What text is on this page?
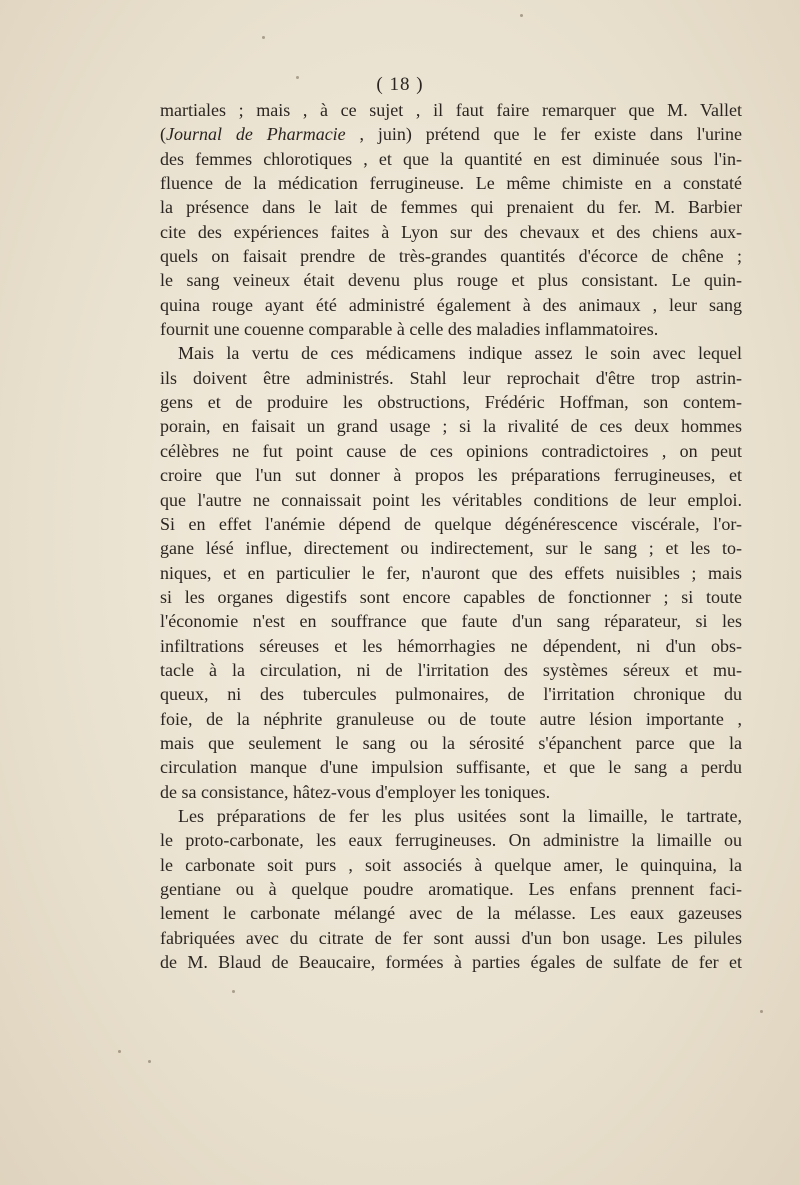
( 18 )
martiales ; mais , à ce sujet , il faut faire remarquer que M. Vallet
(Journal de Pharmacie , juin) prétend que le fer existe dans l'urine
des femmes chlorotiques , et que la quantité en est diminuée sous l'in-
fluence de la médication ferrugineuse. Le même chimiste en a constaté
la présence dans le lait de femmes qui prenaient du fer. M. Barbier
cite des expériences faites à Lyon sur des chevaux et des chiens aux-
quels on faisait prendre de très-grandes quantités d'écorce de chêne ;
le sang veineux était devenu plus rouge et plus consistant. Le quin-
quina rouge ayant été administré également à des animaux , leur sang
fournit une couenne comparable à celle des maladies inflammatoires.
Mais la vertu de ces médicamens indique assez le soin avec lequel
ils doivent être administrés. Stahl leur reprochait d'être trop astrin-
gens et de produire les obstructions, Frédéric Hoffman, son contem-
porain, en faisait un grand usage ; si la rivalité de ces deux hommes
célèbres ne fut point cause de ces opinions contradictoires , on peut
croire que l'un sut donner à propos les préparations ferrugineuses, et
que l'autre ne connaissait point les véritables conditions de leur emploi.
Si en effet l'anémie dépend de quelque dégénérescence viscérale, l'or-
gane lésé influe, directement ou indirectement, sur le sang ; et les to-
niques, et en particulier le fer, n'auront que des effets nuisibles ; mais
si les organes digestifs sont encore capables de fonctionner ; si toute
l'économie n'est en souffrance que faute d'un sang réparateur, si les
infiltrations séreuses et les hémorrhagies ne dépendent, ni d'un obs-
tacle à la circulation, ni de l'irritation des systèmes séreux et mu-
queux, ni des tubercules pulmonaires, de l'irritation chronique du
foie, de la néphrite granuleuse ou de toute autre lésion importante ,
mais que seulement le sang ou la sérosité s'épanchent parce que la
circulation manque d'une impulsion suffisante, et que le sang a perdu
de sa consistance, hâtez-vous d'employer les toniques.
Les préparations de fer les plus usitées sont la limaille, le tartrate,
le proto-carbonate, les eaux ferrugineuses. On administre la limaille ou
le carbonate soit purs , soit associés à quelque amer, le quinquina, la
gentiane ou à quelque poudre aromatique. Les enfans prennent faci-
lement le carbonate mélangé avec de la mélasse. Les eaux gazeuses
fabriquées avec du citrate de fer sont aussi d'un bon usage. Les pilules
de M. Blaud de Beaucaire, formées à parties égales de sulfate de fer et
